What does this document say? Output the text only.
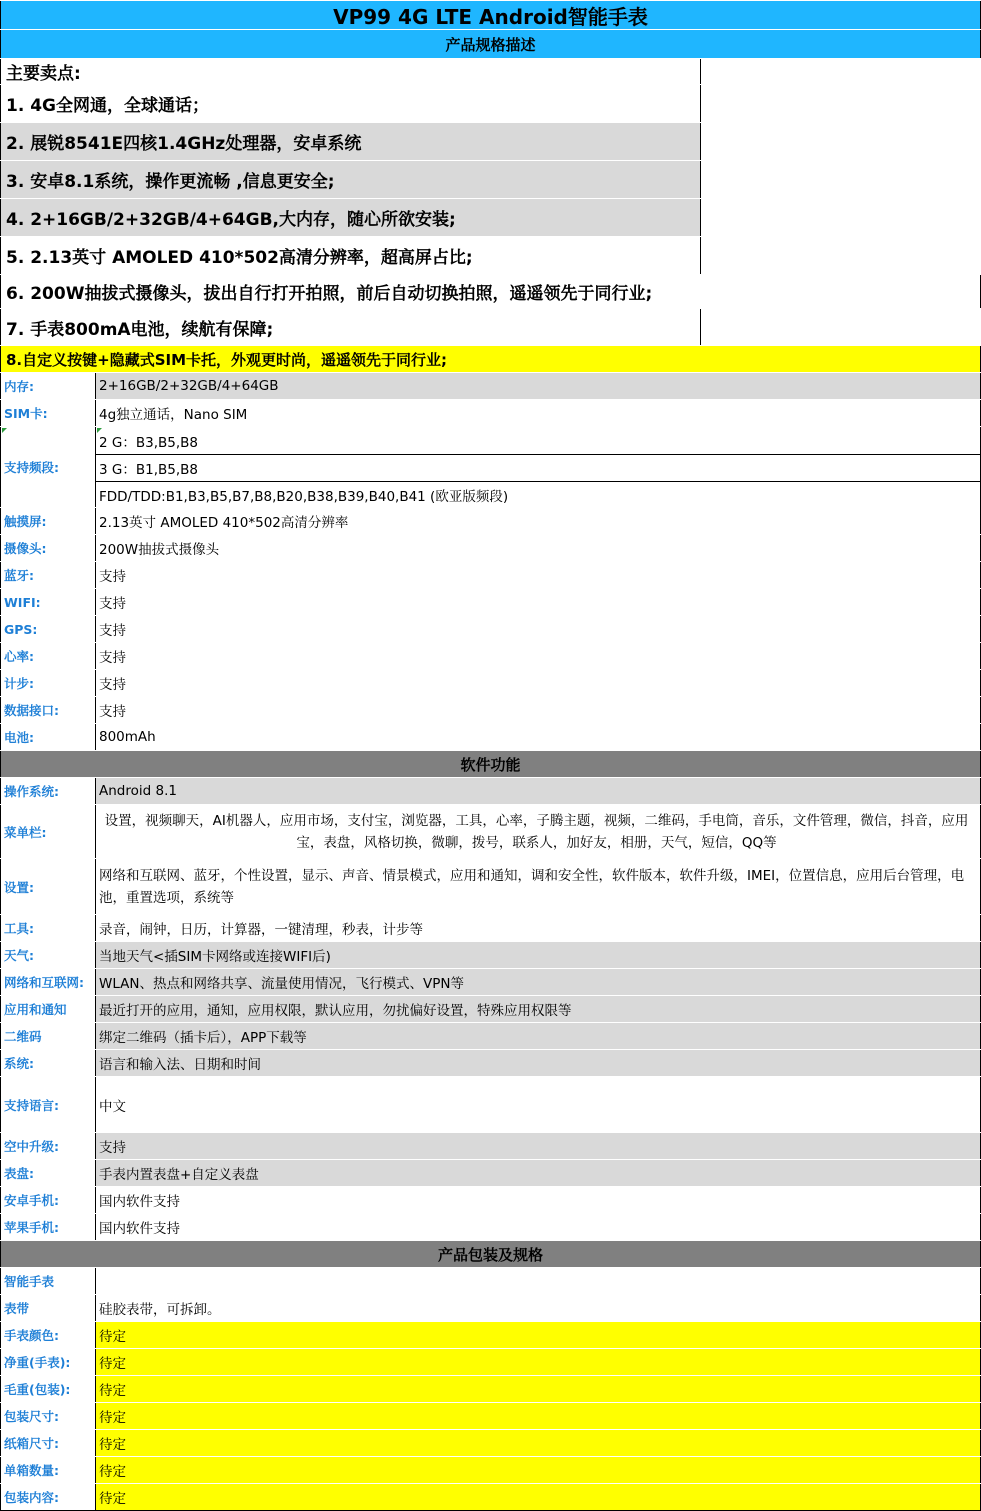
VP99 4G LTE Android智能手表
产品规格描述
主要卖点:
1. 4G全网通，全球通话；
2. 展锐8541E四核1.4GHz处理器，安卓系统
3. 安卓8.1系统，操作更流畅 ,信息更安全;
4. 2+16GB/2+32GB/4+64GB,大内存，随心所欲安装;
5. 2.13英寸 AMOLED 410*502高清分辨率，超高屏占比;
6. 200W抽拔式摄像头，拔出自行打开拍照，前后自动切换拍照，遥遥领先于同行业;
7. 手表800mA电池，续航有保障;
8.自定义按键+隐藏式SIM卡托，外观更时尚，遥遥领先于同行业;
内存:	2+16GB/2+32GB/4+64GB
SIM卡:	4g独立通话，Nano SIM
支持频段:
2 G：B3,B5,B8
3 G：B1,B5,B8
FDD/TDD:B1,B3,B5,B7,B8,B20,B38,B39,B40,B41 (欧亚版频段)
触摸屏:	2.13英寸 AMOLED 410*502高清分辨率
摄像头:	200W抽拔式摄像头
蓝牙:	支持
WIFI:	支持
GPS:	支持
心率:	支持
计步:	支持
数据接口:	支持
电池:	800mAh
软件功能
操作系统:	Android 8.1
菜单栏:
设置，视频聊天，AI机器人，应用市场，支付宝，浏览器，工具，心率，子腾主题，视频，二维码，手电筒，音乐，文件管理，微信，抖音，应用宝，表盘，风格切换，微聊，拨号，联系人，加好友，相册，天气，短信，QQ等
设置:
网络和互联网、蓝牙，个性设置，显示、声音、情景模式，应用和通知，调和安全性，软件版本，软件升级，IMEI，位置信息，应用后台管理，电池，重置选项，系统等
工具:	录音，闹钟，日历，计算器，一键清理，秒表，计步等
天气:	当地天气<插SIM卡网络或连接WIFI后)
网络和互联网:	WLAN、热点和网络共享、流量使用情况，飞行模式、VPN等
应用和通知	最近打开的应用，通知，应用权限，默认应用，勿扰偏好设置，特殊应用权限等
二维码	绑定二维码（插卡后），APP下载等
系统:	语言和输入法、日期和时间
支持语言:	中文
空中升级:	支持
表盘:	手表内置表盘+自定义表盘
安卓手机:	国内软件支持
苹果手机:	国内软件支持
产品包装及规格
智能手表
表带	硅胶表带，可拆卸。
手表颜色:	待定
净重(手表):	待定
毛重(包装):	待定
包装尺寸:	待定
纸箱尺寸:	待定
单箱数量:	待定
包装内容:	待定
